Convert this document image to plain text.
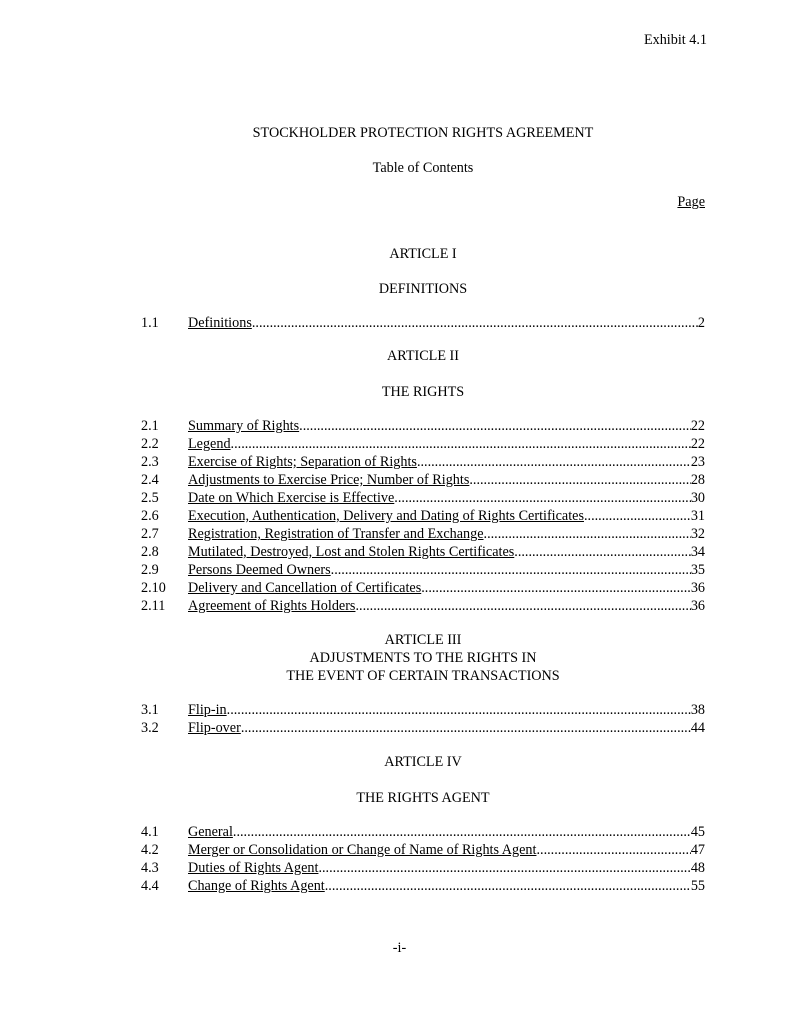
Exhibit 4.1
STOCKHOLDER PROTECTION RIGHTS AGREEMENT
Table of Contents
Page
ARTICLE I
DEFINITIONS
1.1	Definitions .....	2
ARTICLE II
THE RIGHTS
2.1	Summary of Rights .....	22
2.2	Legend .....	22
2.3	Exercise of Rights; Separation of Rights .....	23
2.4	Adjustments to Exercise Price; Number of Rights .....	28
2.5	Date on Which Exercise is Effective .....	30
2.6	Execution, Authentication, Delivery and Dating of Rights Certificates .....	31
2.7	Registration, Registration of Transfer and Exchange .....	32
2.8	Mutilated, Destroyed, Lost and Stolen Rights Certificates .....	34
2.9	Persons Deemed Owners .....	35
2.10	Delivery and Cancellation of Certificates .....	36
2.11	Agreement of Rights Holders .....	36
ARTICLE III
ADJUSTMENTS TO THE RIGHTS IN
THE EVENT OF CERTAIN TRANSACTIONS
3.1	Flip-in .....	38
3.2	Flip-over .....	44
ARTICLE IV
THE RIGHTS AGENT
4.1	General .....	45
4.2	Merger or Consolidation or Change of Name of Rights Agent .....	47
4.3	Duties of Rights Agent .....	48
4.4	Change of Rights Agent .....	55
-i-
